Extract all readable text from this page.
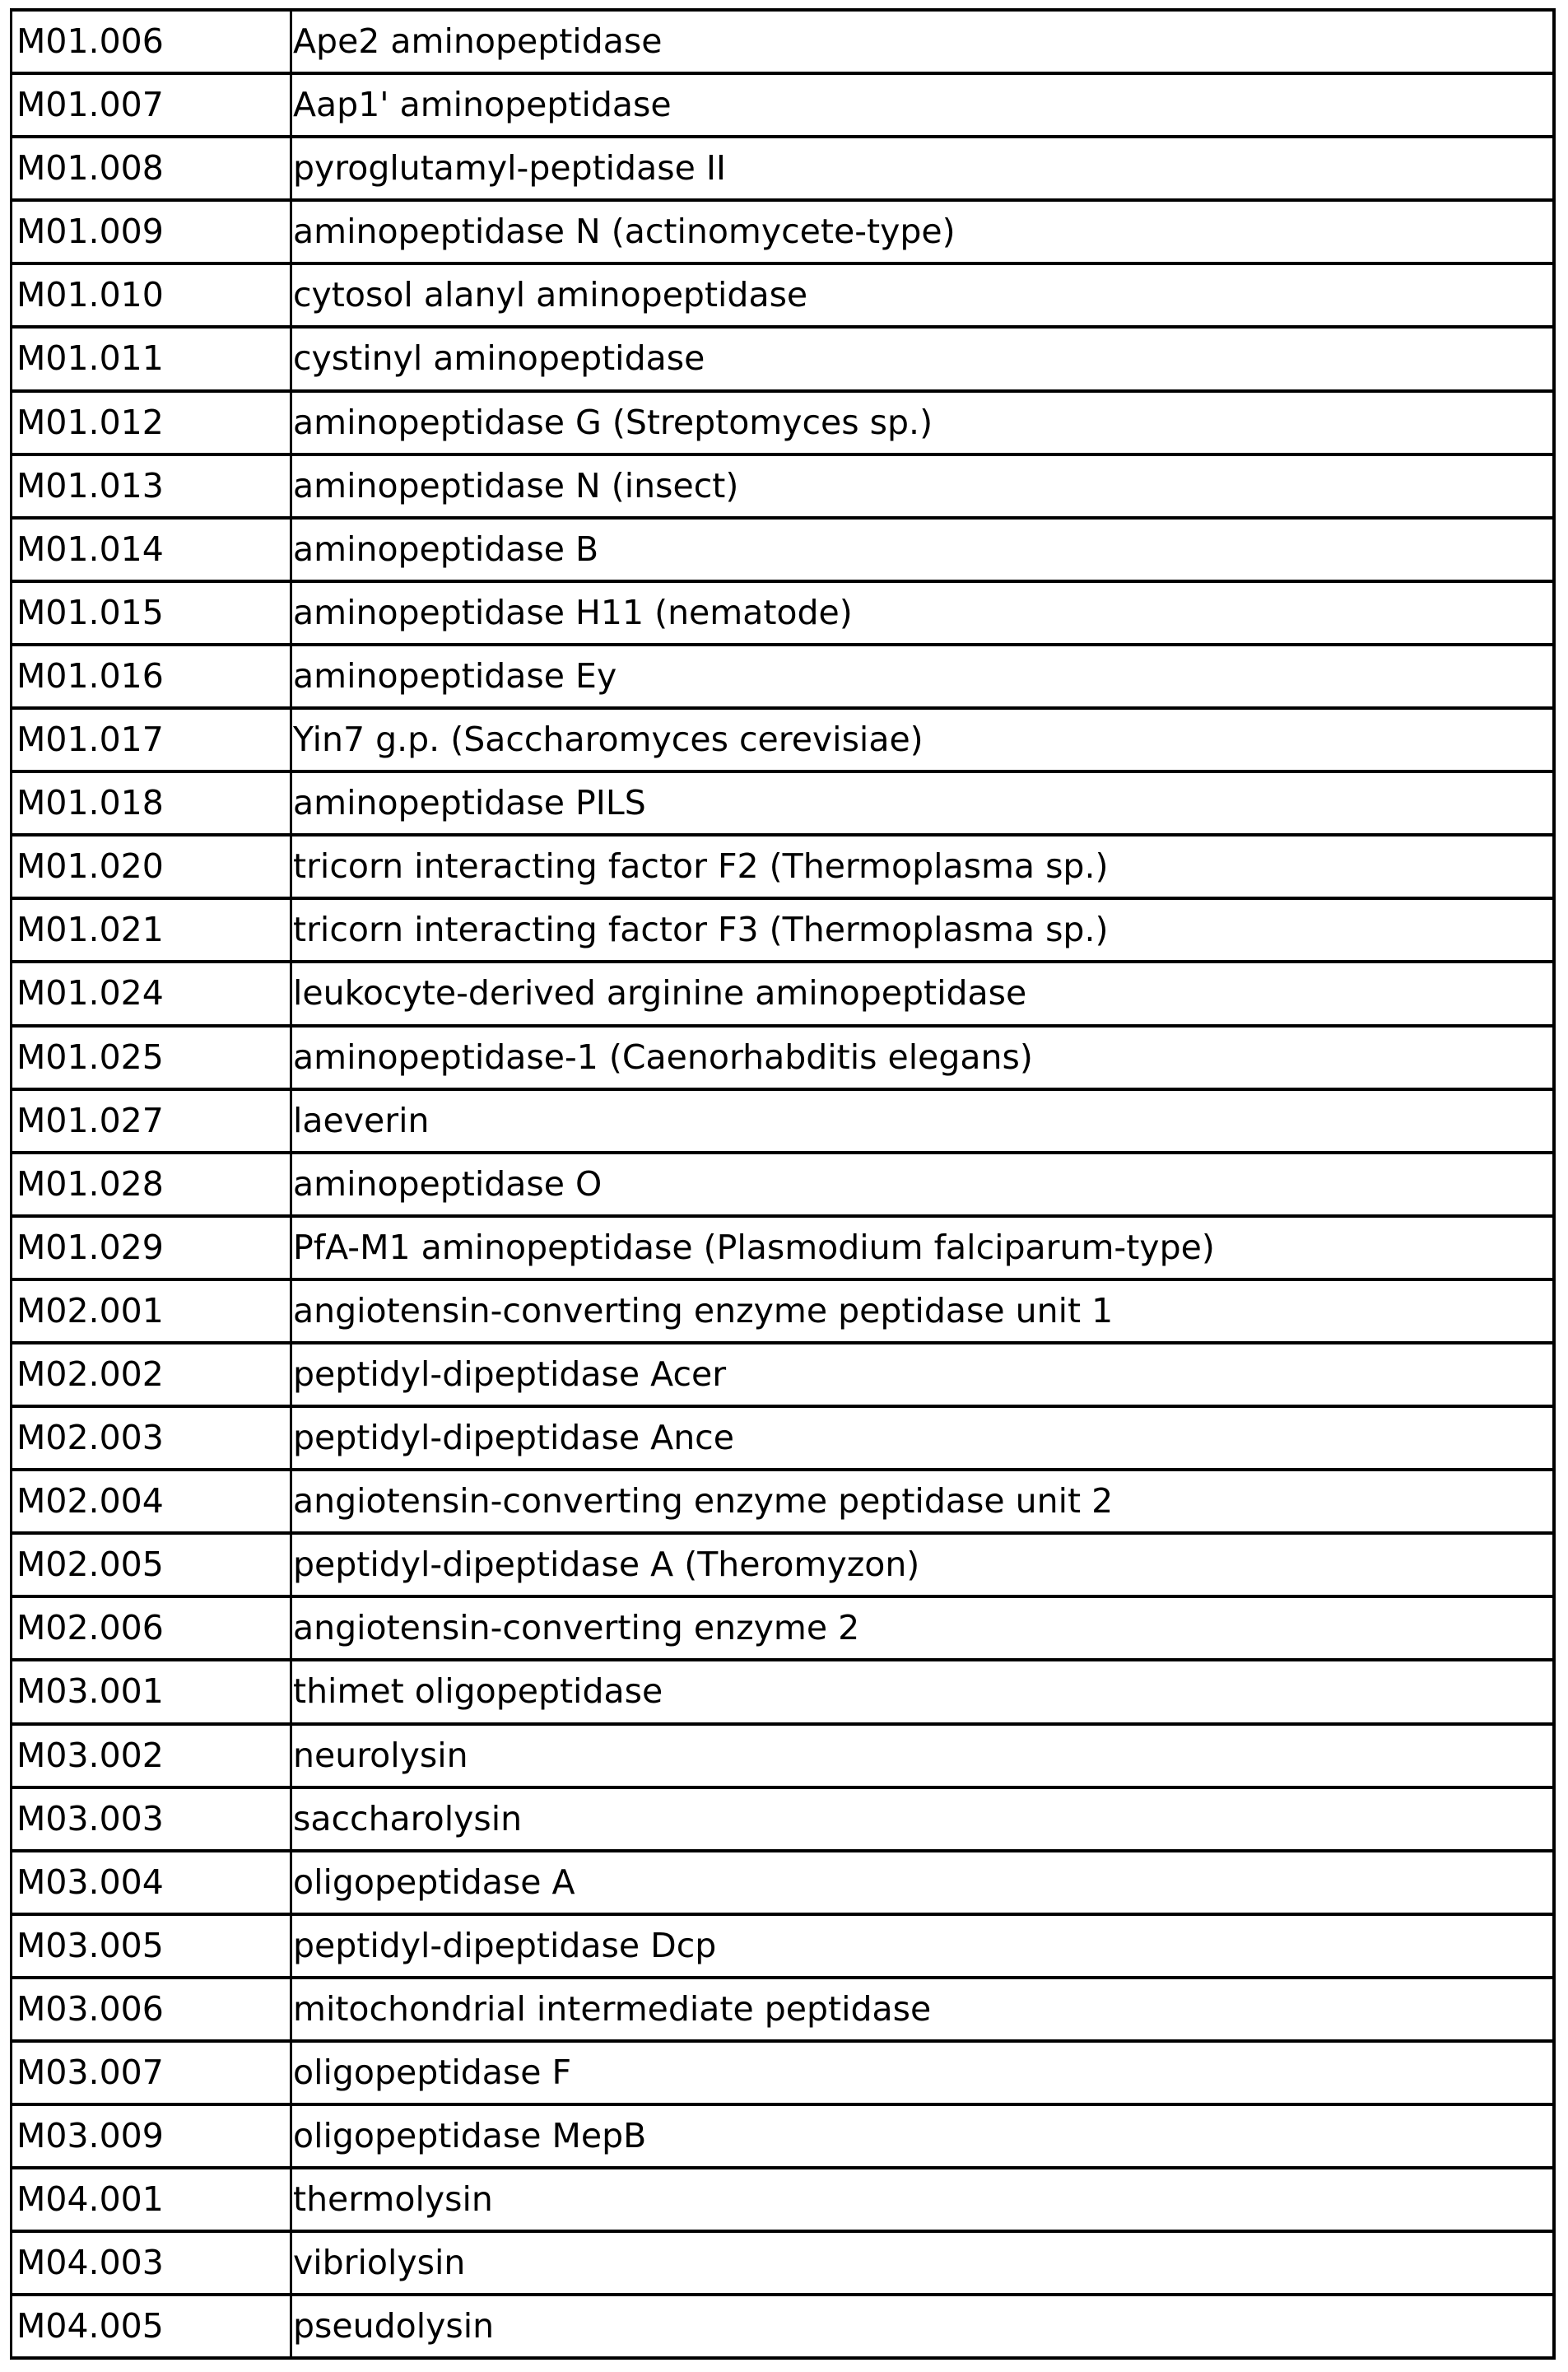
M01.006	Ape2 aminopeptidase
M01.007	Aap1' aminopeptidase
M01.008	pyroglutamyl-peptidase II
M01.009	aminopeptidase N (actinomycete-type)
M01.010	cytosol alanyl aminopeptidase
M01.011	cystinyl aminopeptidase
M01.012	aminopeptidase G (Streptomyces sp.)
M01.013	aminopeptidase N (insect)
M01.014	aminopeptidase B
M01.015	aminopeptidase H11 (nematode)
M01.016	aminopeptidase Ey
M01.017	Yin7 g.p. (Saccharomyces cerevisiae)
M01.018	aminopeptidase PILS
M01.020	tricorn interacting factor F2 (Thermoplasma sp.)
M01.021	tricorn interacting factor F3 (Thermoplasma sp.)
M01.024	leukocyte-derived arginine aminopeptidase
M01.025	aminopeptidase-1 (Caenorhabditis elegans)
M01.027	laeverin
M01.028	aminopeptidase O
M01.029	PfA-M1 aminopeptidase (Plasmodium falciparum-type)
M02.001	angiotensin-converting enzyme peptidase unit 1
M02.002	peptidyl-dipeptidase Acer
M02.003	peptidyl-dipeptidase Ance
M02.004	angiotensin-converting enzyme peptidase unit 2
M02.005	peptidyl-dipeptidase A (Theromyzon)
M02.006	angiotensin-converting enzyme 2
M03.001	thimet oligopeptidase
M03.002	neurolysin
M03.003	saccharolysin
M03.004	oligopeptidase A
M03.005	peptidyl-dipeptidase Dcp
M03.006	mitochondrial intermediate peptidase
M03.007	oligopeptidase F
M03.009	oligopeptidase MepB
M04.001	thermolysin
M04.003	vibriolysin
M04.005	pseudolysin
